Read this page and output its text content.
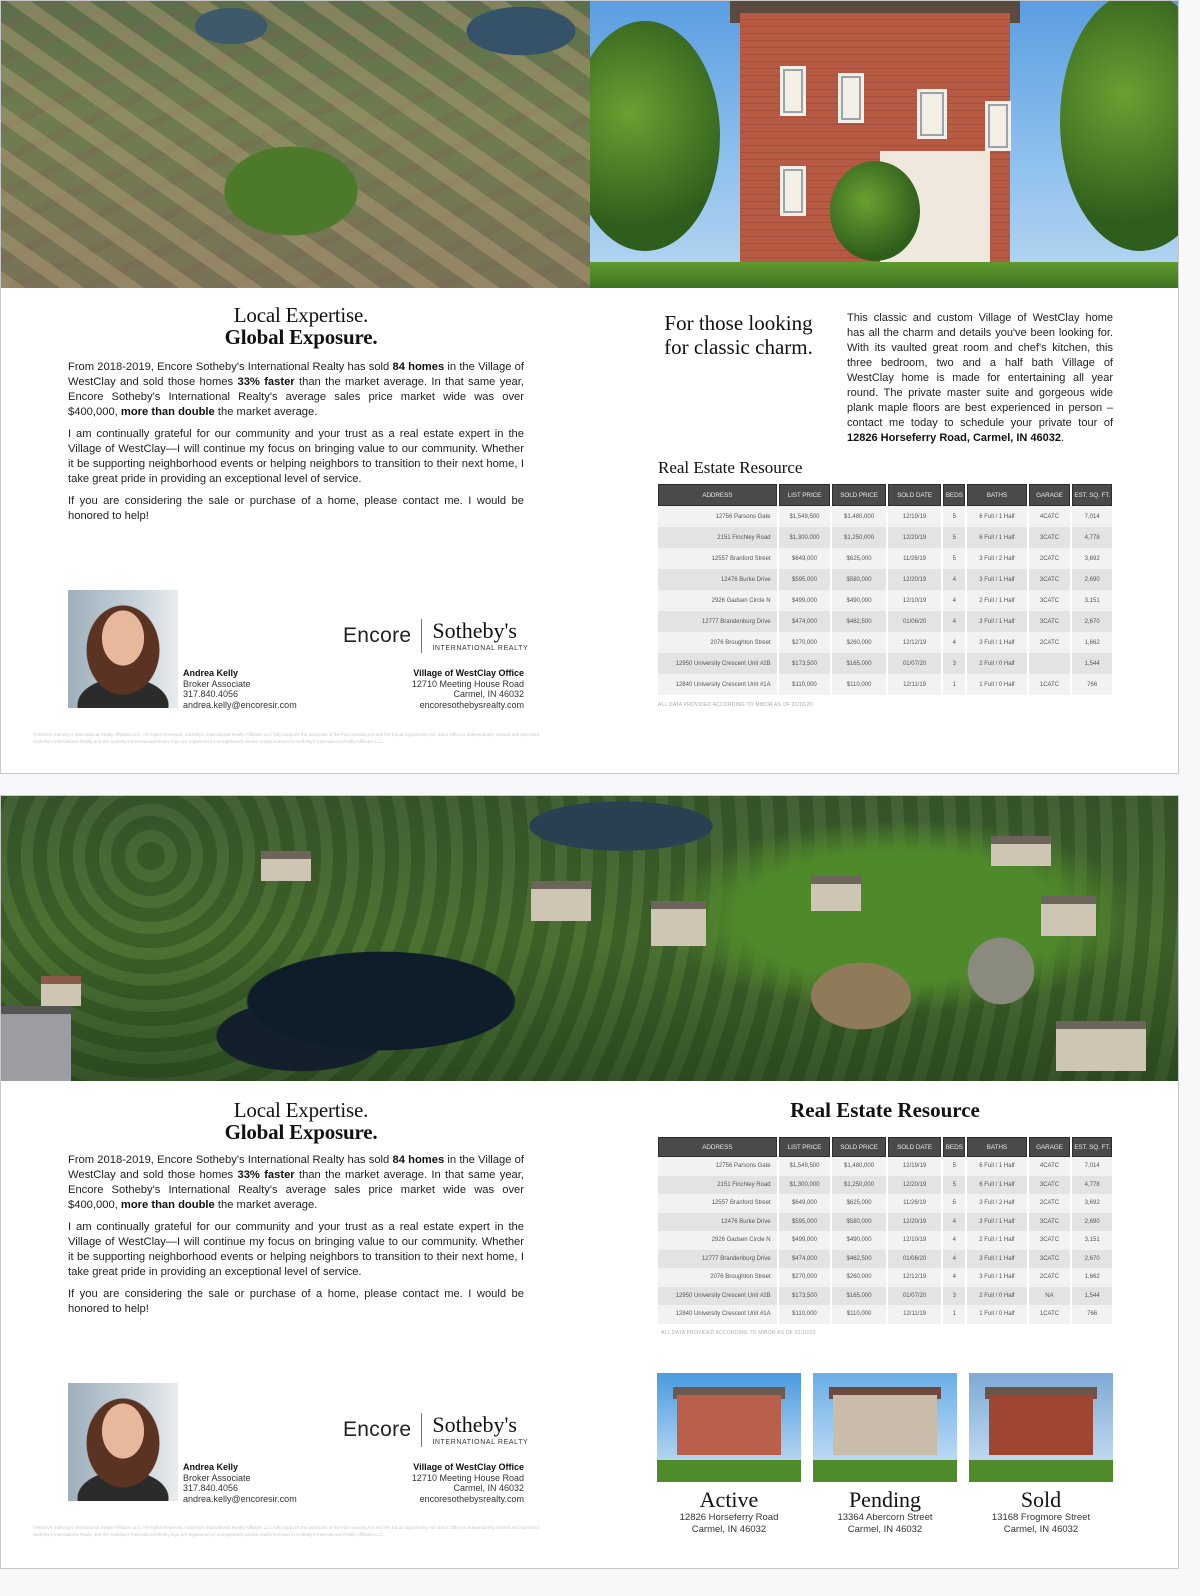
Local Expertise.
Global Exposure.

From 2018-2019, Encore Sotheby's International Realty has sold 84 homes in the Village of WestClay and sold those homes 33% faster than the market average. In that same year, Encore Sotheby's International Realty's average sales price market wide was over $400,000, more than double the market average.

I am continually grateful for our community and your trust as a real estate expert in the Village of WestClay—I will continue my focus on bringing value to our community. Whether it be supporting neighborhood events or helping neighbors to transition to their next home, I take great pride in providing an exceptional level of service.

If you are considering the sale or purchase of a home, please contact me. I would be honored to help!

Andrea Kelly
Broker Associate
317.840.4056
andrea.kelly@encoresir.com
Encore Sotheby's
INTERNATIONAL REALTY
Village of WestClay Office
12710 Meeting House Road
Carmel, IN 46032
encoresothebysrealty.com
©MMXVII Sotheby's International Realty Affiliates LLC. All Rights Reserved. Sotheby's International Realty Affiliates LLC fully supports the principles of the Fair Housing Act and the Equal Opportunity Act. Each Office is independently Owned and Operated. Sotheby's International Realty and the Sotheby's International Realty logo are registered (or unregistered) service marks licensed to Sotheby's International Realty Affiliates LLC.
For those looking
for classic charm.
This classic and custom Village of WestClay home has all the charm and details you've been looking for. With its vaulted great room and chef's kitchen, this three bedroom, two and a half bath Village of WestClay home is made for entertaining all year round. The private master suite and gorgeous wide plank maple floors are best experienced in person – contact me today to schedule your private tour of 12826 Horseferry Road, Carmel, IN 46032.
Real Estate Resource
ADDRESS	LIST PRICE	SOLD PRICE	SOLD DATE	BEDS	BATHS	GARAGE	EST. SQ. FT.
12756 Parsons Gate	$1,549,500	$1,480,000	12/19/19	5	6 Full / 1 Half	4CATC	7,014
2151 Finchley Road	$1,300,000	$1,250,000	12/20/19	5	6 Full / 1 Half	3CATC	4,778
12557 Branford Street	$649,000	$625,000	11/26/19	5	3 Full / 2 Half	2CATC	3,692
12476 Burke Drive	$595,000	$580,000	12/20/19	4	3 Full / 1 Half	3CATC	2,690
2926 Gadsen Circle N	$499,000	$490,000	12/10/19	4	2 Full / 1 Half	3CATC	3,151
12777 Brandenburg Drive	$474,000	$462,500	01/06/20	4	3 Full / 1 Half	3CATC	2,670
2076 Broughton Street	$270,000	$260,000	12/12/19	4	3 Full / 1 Half	2CATC	1,662
12950 University Crescent Unit #2B	$173,500	$165,000	01/07/20	3	2 Full / 0 Half		1,544
12840 University Crescent Unit #1A	$110,000	$110,000	12/11/19	1	1 Full / 0 Half	1CATC	766
ALL DATA PROVIDED ACCORDING TO MIBOR AS OF 01/16/20
Local Expertise.
Global Exposure.

From 2018-2019, Encore Sotheby's International Realty has sold 84 homes in the Village of WestClay and sold those homes 33% faster than the market average. In that same year, Encore Sotheby's International Realty's average sales price market wide was over $400,000, more than double the market average.

I am continually grateful for our community and your trust as a real estate expert in the Village of WestClay—I will continue my focus on bringing value to our community. Whether it be supporting neighborhood events or helping neighbors to transition to their next home, I take great pride in providing an exceptional level of service.

If you are considering the sale or purchase of a home, please contact me. I would be honored to help!

Andrea Kelly
Broker Associate
317.840.4056
andrea.kelly@encoresir.com
Encore Sotheby's
INTERNATIONAL REALTY
Village of WestClay Office
12710 Meeting House Road
Carmel, IN 46032
encoresothebysrealty.com
©MMXVII Sotheby's International Realty Affiliates LLC. All Rights Reserved. Sotheby's International Realty Affiliates LLC fully supports the principles of the Fair Housing Act and the Equal Opportunity Act. Each Office is independently Owned and Operated. Sotheby's International Realty and the Sotheby's International Realty logo are registered (or unregistered) service marks licensed to Sotheby's International Realty Affiliates LLC.
Real Estate Resource
ADDRESS	LIST PRICE	SOLD PRICE	SOLD DATE	BEDS	BATHS	GARAGE	EST. SQ. FT.
12756 Parsons Gate	$1,549,500	$1,480,000	12/19/19	5	6 Full / 1 Half	4CATC	7,014
2151 Finchley Road	$1,300,000	$1,250,000	12/20/19	5	6 Full / 1 Half	3CATC	4,778
12557 Branford Street	$649,000	$625,000	11/26/19	5	3 Full / 2 Half	2CATC	3,692
12476 Burke Drive	$595,000	$580,000	12/20/19	4	3 Full / 1 Half	3CATC	2,690
2926 Gadsen Circle N	$499,000	$490,000	12/10/19	4	2 Full / 1 Half	3CATC	3,151
12777 Brandenburg Drive	$474,000	$462,500	01/06/20	4	3 Full / 1 Half	3CATC	2,670
2076 Broughton Street	$270,000	$260,000	12/12/19	4	3 Full / 1 Half	2CATC	1,662
12950 University Crescent Unit #2B	$173,500	$165,000	01/07/20	3	2 Full / 0 Half	NA	1,544
12840 University Crescent Unit #1A	$110,000	$110,000	12/11/19	1	1 Full / 0 Half	1CATC	766
ALL DATA PROVIDED ACCORDING TO MIBOR AS OF 01/16/20
Active
12826 Horseferry Road
Carmel, IN 46032
Pending
13364 Abercorn Street
Carmel, IN 46032
Sold
13168 Frogmore Street
Carmel, IN 46032
